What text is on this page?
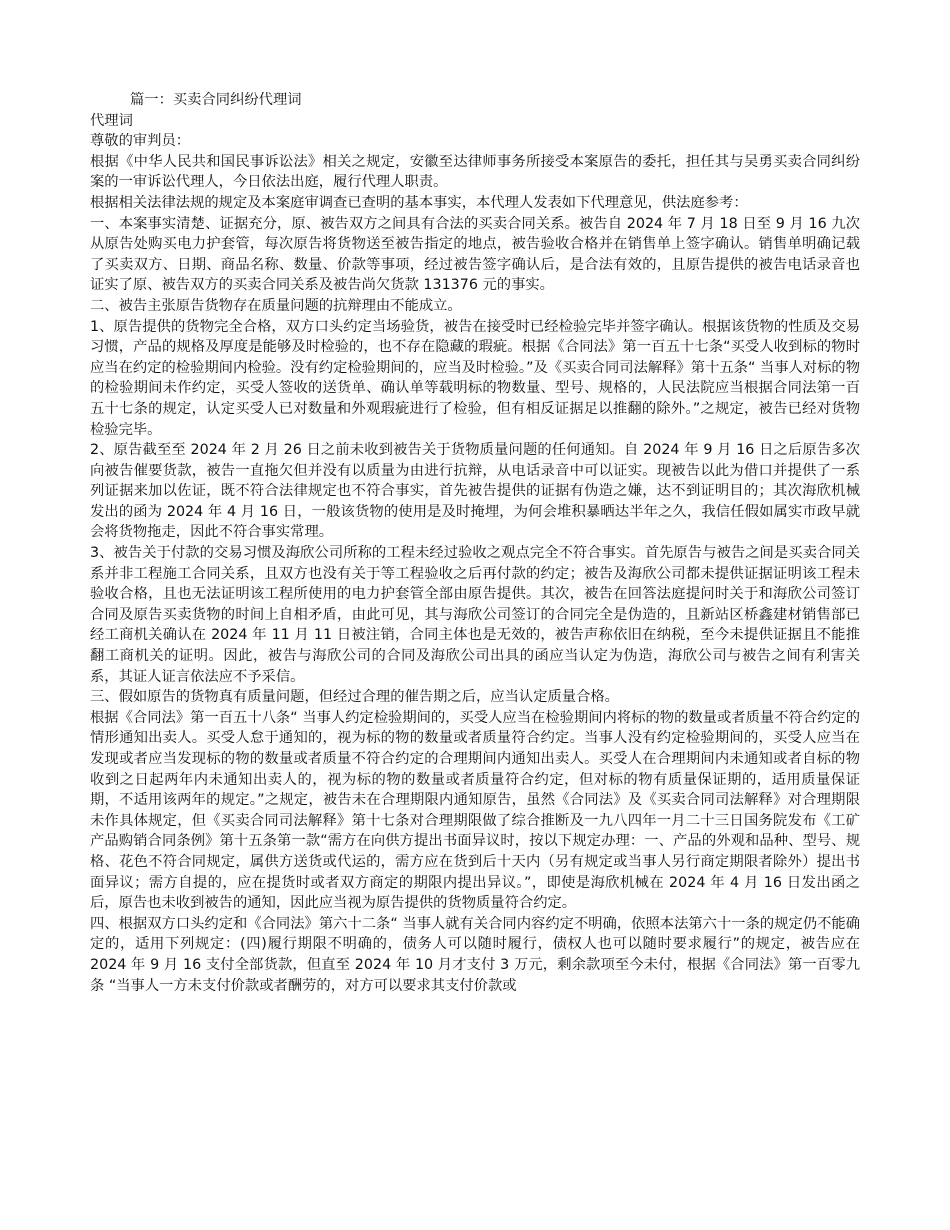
篇一：买卖合同纠纷代理词

代理词

尊敬的审判员：

根据《中华人民共和国民事诉讼法》相关之规定，安徽至达律师事务所接受本案原告的委托，担任其与吴勇买卖合同纠纷案的一审诉讼代理人，今日依法出庭，履行代理人职责。

根据相关法律法规的规定及本案庭审调查已查明的基本事实，本代理人发表如下代理意见，供法庭参考：

一、本案事实清楚、证据充分，原、被告双方之间具有合法的买卖合同关系。被告自 2024 年 7 月 18 日至 9 月 16 九次从原告处购买电力护套管，每次原告将货物送至被告指定的地点，被告验收合格并在销售单上签字确认。销售单明确记载了买卖双方、日期、商品名称、数量、价款等事项，经过被告签字确认后，是合法有效的，且原告提供的被告电话录音也证实了原、被告双方的买卖合同关系及被告尚欠货款 131376 元的事实。

二、被告主张原告货物存在质量问题的抗辩理由不能成立。

1、原告提供的货物完全合格，双方口头约定当场验货，被告在接受时已经检验完毕并签字确认。根据该货物的性质及交易习惯，产品的规格及厚度是能够及时检验的，也不存在隐藏的瑕疵。根据《合同法》第一百五十七条“买受人收到标的物时应当在约定的检验期间内检验。没有约定检验期间的，应当及时检验。”及《买卖合同司法解释》第十五条“ 当事人对标的物的检验期间未作约定，买受人签收的送货单、确认单等载明标的物数量、型号、规格的，人民法院应当根据合同法第一百五十七条的规定，认定买受人已对数量和外观瑕疵进行了检验，但有相反证据足以推翻的除外。”之规定，被告已经对货物检验完毕。

2、原告截至至 2024 年 2 月 26 日之前未收到被告关于货物质量问题的任何通知。自 2024 年 9 月 16 日之后原告多次向被告催要货款，被告一直拖欠但并没有以质量为由进行抗辩，从电话录音中可以证实。现被告以此为借口并提供了一系列证据来加以佐证，既不符合法律规定也不符合事实，首先被告提供的证据有伪造之嫌，达不到证明目的；其次海欣机械发出的函为 2024 年 4 月 16 日，一般该货物的使用是及时掩埋，为何会堆积暴晒达半年之久，我信任假如属实市政早就会将货物拖走，因此不符合事实常理。

3、被告关于付款的交易习惯及海欣公司所称的工程未经过验收之观点完全不符合事实。首先原告与被告之间是买卖合同关系并非工程施工合同关系，且双方也没有关于等工程验收之后再付款的约定；被告及海欣公司都未提供证据证明该工程未验收合格，且也无法证明该工程所使用的电力护套管全部由原告提供。其次，被告在回答法庭提问时关于和海欣公司签订合同及原告买卖货物的时间上自相矛盾，由此可见，其与海欣公司签订的合同完全是伪造的，且新站区桥鑫建材销售部已经工商机关确认在 2024 年 11 月 11 日被注销，合同主体也是无效的，被告声称依旧在纳税，至今未提供证据且不能推翻工商机关的证明。因此，被告与海欣公司的合同及海欣公司出具的函应当认定为伪造，海欣公司与被告之间有利害关系，其证人证言依法应不予采信。

三、假如原告的货物真有质量问题，但经过合理的催告期之后，应当认定质量合格。

根据《合同法》第一百五十八条“ 当事人约定检验期间的，买受人应当在检验期间内将标的物的数量或者质量不符合约定的情形通知出卖人。买受人怠于通知的，视为标的物的数量或者质量符合约定。当事人没有约定检验期间的，买受人应当在发现或者应当发现标的物的数量或者质量不符合约定的合理期间内通知出卖人。买受人在合理期间内未通知或者自标的物收到之日起两年内未通知出卖人的，视为标的物的数量或者质量符合约定，但对标的物有质量保证期的，适用质量保证期，不适用该两年的规定。”之规定，被告未在合理期限内通知原告，虽然《合同法》及《买卖合同司法解释》对合理期限未作具体规定，但《买卖合同司法解释》第十七条对合理期限做了综合推断及一九八四年一月二十三日国务院发布《工矿产品购销合同条例》第十五条第一款“需方在向供方提出书面异议时，按以下规定办理：一、产品的外观和品种、型号、规格、花色不符合同规定，属供方送货或代运的，需方应在货到后十天内（另有规定或当事人另行商定期限者除外）提出书面异议；需方自提的，应在提货时或者双方商定的期限内提出异议。”，即使是海欣机械在 2024 年 4 月 16 日发出函之后，原告也未收到被告的通知，因此应当视为原告提供的货物质量符合约定。

四、根据双方口头约定和《合同法》第六十二条“ 当事人就有关合同内容约定不明确，依照本法第六十一条的规定仍不能确定的，适用下列规定：(四)履行期限不明确的，债务人可以随时履行，债权人也可以随时要求履行”的规定，被告应在 2024 年 9 月 16 支付全部货款，但直至 2024 年 10 月才支付 3 万元，剩余款项至今未付，根据《合同法》第一百零九条 “当事人一方未支付价款或者酬劳的，对方可以要求其支付价款或
